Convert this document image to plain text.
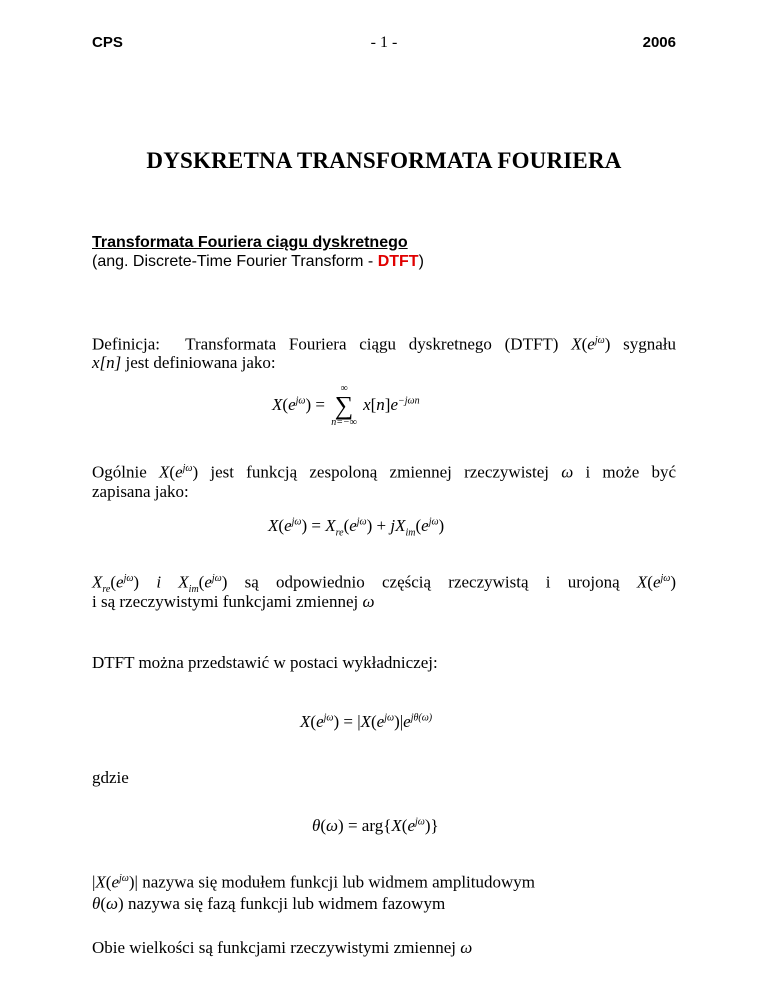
CPS	- 1 -	2006
DYSKRETNA TRANSFORMATA FOURIERA
Transformata Fouriera ciągu dyskretnego
(ang. Discrete-Time Fourier Transform - DTFT)
Definicja: Transformata Fouriera ciągu dyskretnego (DTFT) $X(e^{j\omega})$ sygnału
x[n] jest definiowana jako:
$X(e^{j\omega})$ =
∞
∑
n=−∞
$x[n]e^{-j\omega n}$
Ogólnie $X(e^{j\omega})$ jest funkcją zespoloną zmiennej rzeczywistej ω i może być
zapisana jako:
$X(e^{j\omega}) = X_{re}(e^{j\omega}) + jX_{im}(e^{j\omega})$
$X_{re}(e^{j\omega})$ i $X_{im}(e^{j\omega})$ są odpowiednio częścią rzeczywistą i urojoną $X(e^{j\omega})$
i są rzeczywistymi funkcjami zmiennej ω
DTFT można przedstawić w postaci wykładniczej:
$X(e^{j\omega}) = |X(e^{j\omega})|e^{j\theta(\omega)}$
gdzie
$\theta(\omega) = arg\{X(e^{j\omega})\}$
$|X(e^{j\omega})|$ nazywa się modułem funkcji lub widmem amplitudowym
θ(ω) nazywa się fazą funkcji lub widmem fazowym
Obie wielkości są funkcjami rzeczywistymi zmiennej ω
